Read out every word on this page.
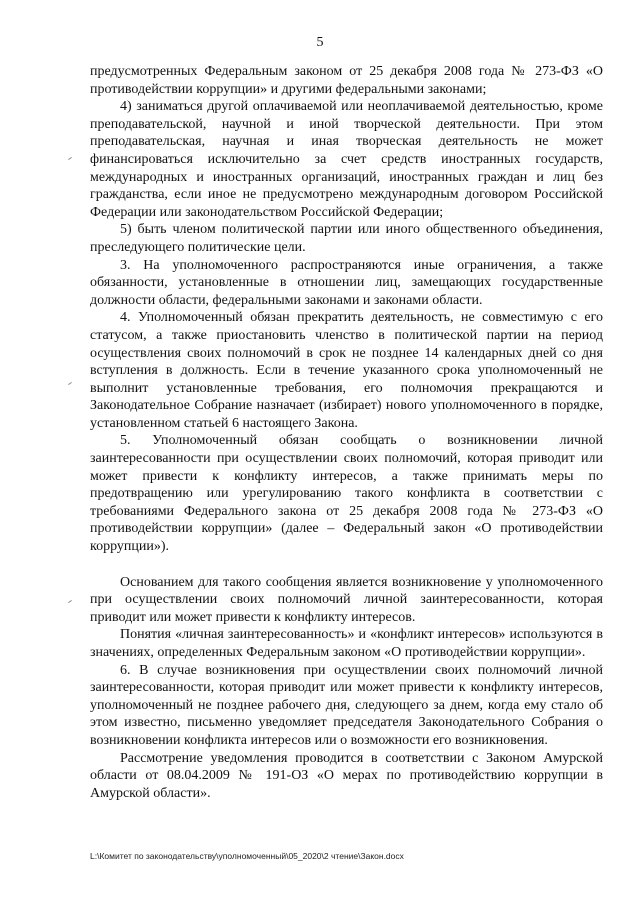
5

предусмотренных Федеральным законом от 25 декабря 2008 года № 273-ФЗ «О противодействии коррупции» и другими федеральными законами;

4) заниматься другой оплачиваемой или неоплачиваемой деятельностью, кроме преподавательской, научной и иной творческой деятельности. При этом преподавательская, научная и иная творческая деятельность не может финансироваться исключительно за счет средств иностранных государств, международных и иностранных организаций, иностранных граждан и лиц без гражданства, если иное не предусмотрено международным договором Российской Федерации или законодательством Российской Федерации;

5) быть членом политической партии или иного общественного объединения, преследующего политические цели.

3. На уполномоченного распространяются иные ограничения, а также обязанности, установленные в отношении лиц, замещающих государственные должности области, федеральными законами и законами области.

4. Уполномоченный обязан прекратить деятельность, не совместимую с его статусом, а также приостановить членство в политической партии на период осуществления своих полномочий в срок не позднее 14 календарных дней со дня вступления в должность. Если в течение указанного срока уполномоченный не выполнит установленные требования, его полномочия прекращаются и Законодательное Собрание назначает (избирает) нового уполномоченного в порядке, установленном статьей 6 настоящего Закона.

5. Уполномоченный обязан сообщать о возникновении личной заинтересованности при осуществлении своих полномочий, которая приводит или может привести к конфликту интересов, а также принимать меры по предотвращению или урегулированию такого конфликта в соответствии с требованиями Федерального закона от 25 декабря 2008 года № 273-ФЗ «О противодействии коррупции» (далее – Федеральный закон «О противодействии коррупции»).

Основанием для такого сообщения является возникновение у уполномоченного при осуществлении своих полномочий личной заинтересованности, которая приводит или может привести к конфликту интересов.

Понятия «личная заинтересованность» и «конфликт интересов» используются в значениях, определенных Федеральным законом «О противодействии коррупции».

6. В случае возникновения при осуществлении своих полномочий личной заинтересованности, которая приводит или может привести к конфликту интересов, уполномоченный не позднее рабочего дня, следующего за днем, когда ему стало об этом известно, письменно уведомляет председателя Законодательного Собрания о возникновении конфликта интересов или о возможности его возникновения.

Рассмотрение уведомления проводится в соответствии с Законом Амурской области от 08.04.2009 № 191-ОЗ «О мерах по противодействию коррупции в Амурской области».

L:\Комитет по законодательству\уполномоченный\05_2020\2 чтение\Закон.docx
